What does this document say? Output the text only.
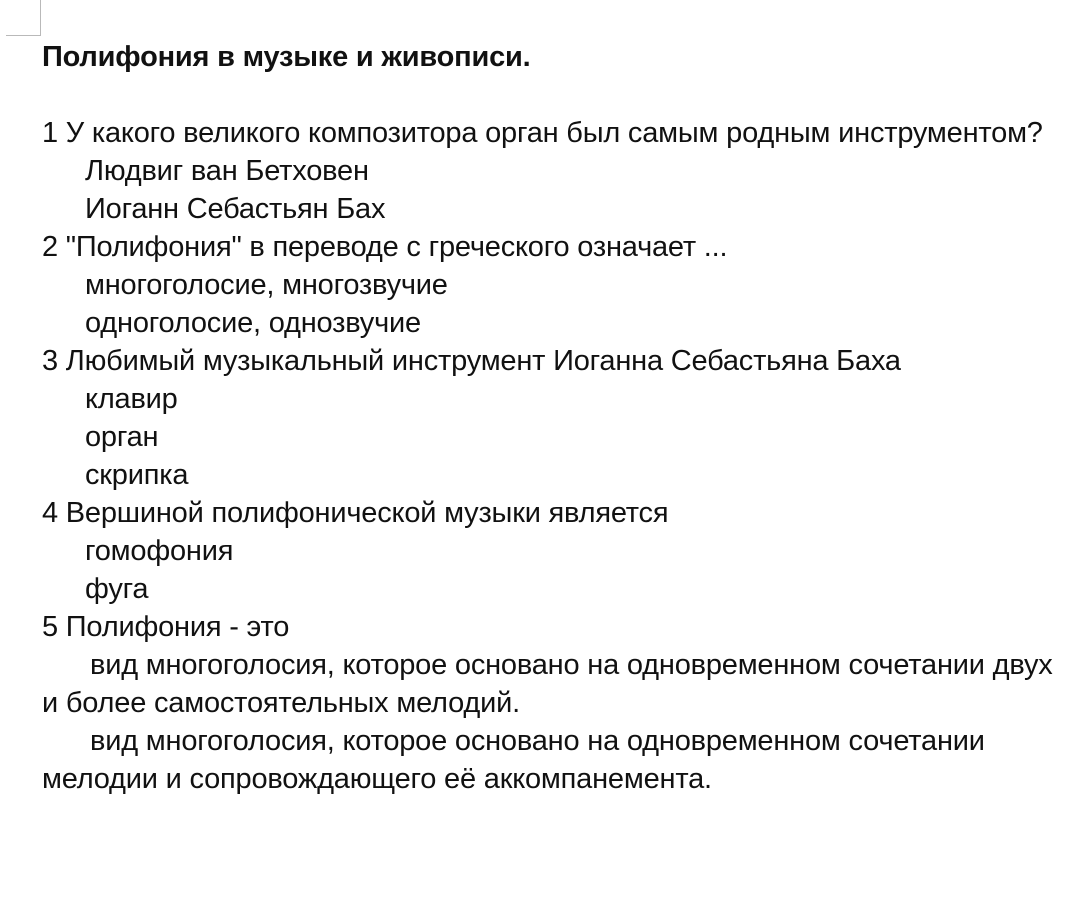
Полифония в музыке и живописи.
1 У какого великого композитора орган был самым родным инструментом?
Людвиг ван Бетховен
Иоганн Себастьян Бах
2 "Полифония" в переводе с греческого означает ...
многоголосие, многозвучие
одноголосие, однозвучие
3 Любимый музыкальный инструмент Иоганна Себастьяна Баха
клавир
орган
скрипка
4 Вершиной полифонической музыки является
гомофония
фуга
5 Полифония - это
вид многоголосия, которое основано на одновременном сочетании двух и более самостоятельных мелодий.
вид многоголосия, которое основано на одновременном сочетании мелодии и сопровождающего её аккомпанемента.
